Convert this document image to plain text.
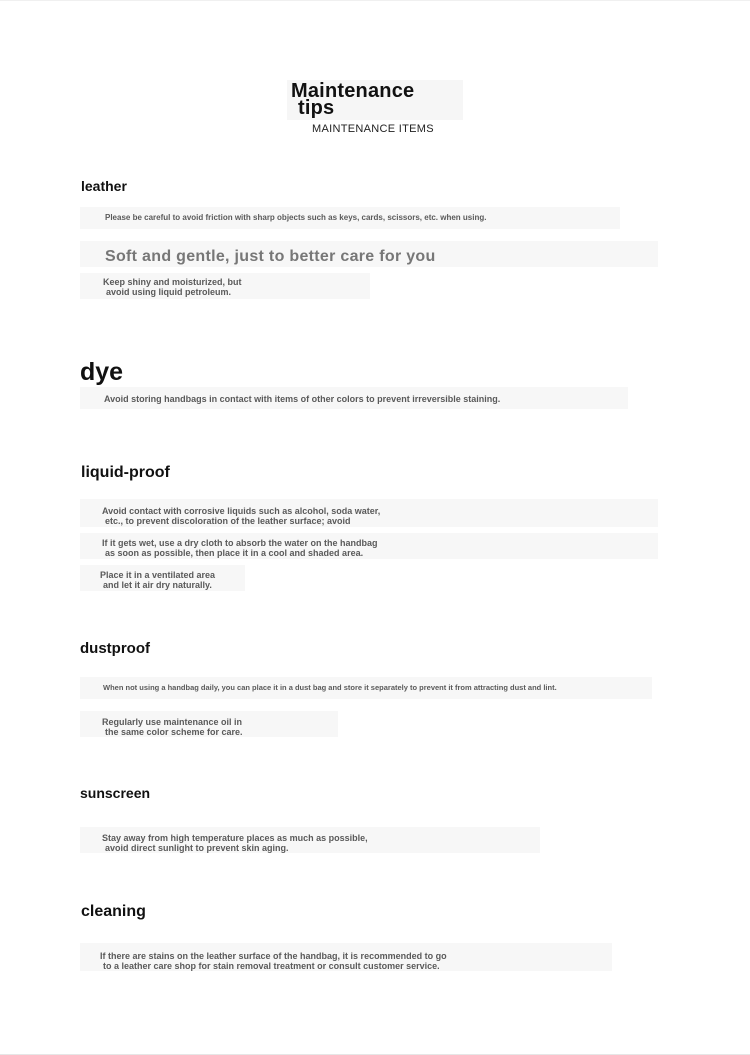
Maintenance
tips
MAINTENANCE ITEMS
leather
Please be careful to avoid friction with sharp objects such as keys, cards, scissors, etc. when using.
Soft and gentle, just to better care for you
Keep shiny and moisturized, but
avoid using liquid petroleum.
dye
Avoid storing handbags in contact with items of other colors to prevent irreversible staining.
liquid-proof
Avoid contact with corrosive liquids such as alcohol, soda water,
etc., to prevent discoloration of the leather surface; avoid
If it gets wet, use a dry cloth to absorb the water on the handbag
as soon as possible, then place it in a cool and shaded area.
Place it in a ventilated area
and let it air dry naturally.
dustproof
When not using a handbag daily, you can place it in a dust bag and store it separately to prevent it from attracting dust and lint.
Regularly use maintenance oil in
the same color scheme for care.
sunscreen
Stay away from high temperature places as much as possible,
avoid direct sunlight to prevent skin aging.
cleaning
If there are stains on the leather surface of the handbag, it is recommended to go
to a leather care shop for stain removal treatment or consult customer service.
